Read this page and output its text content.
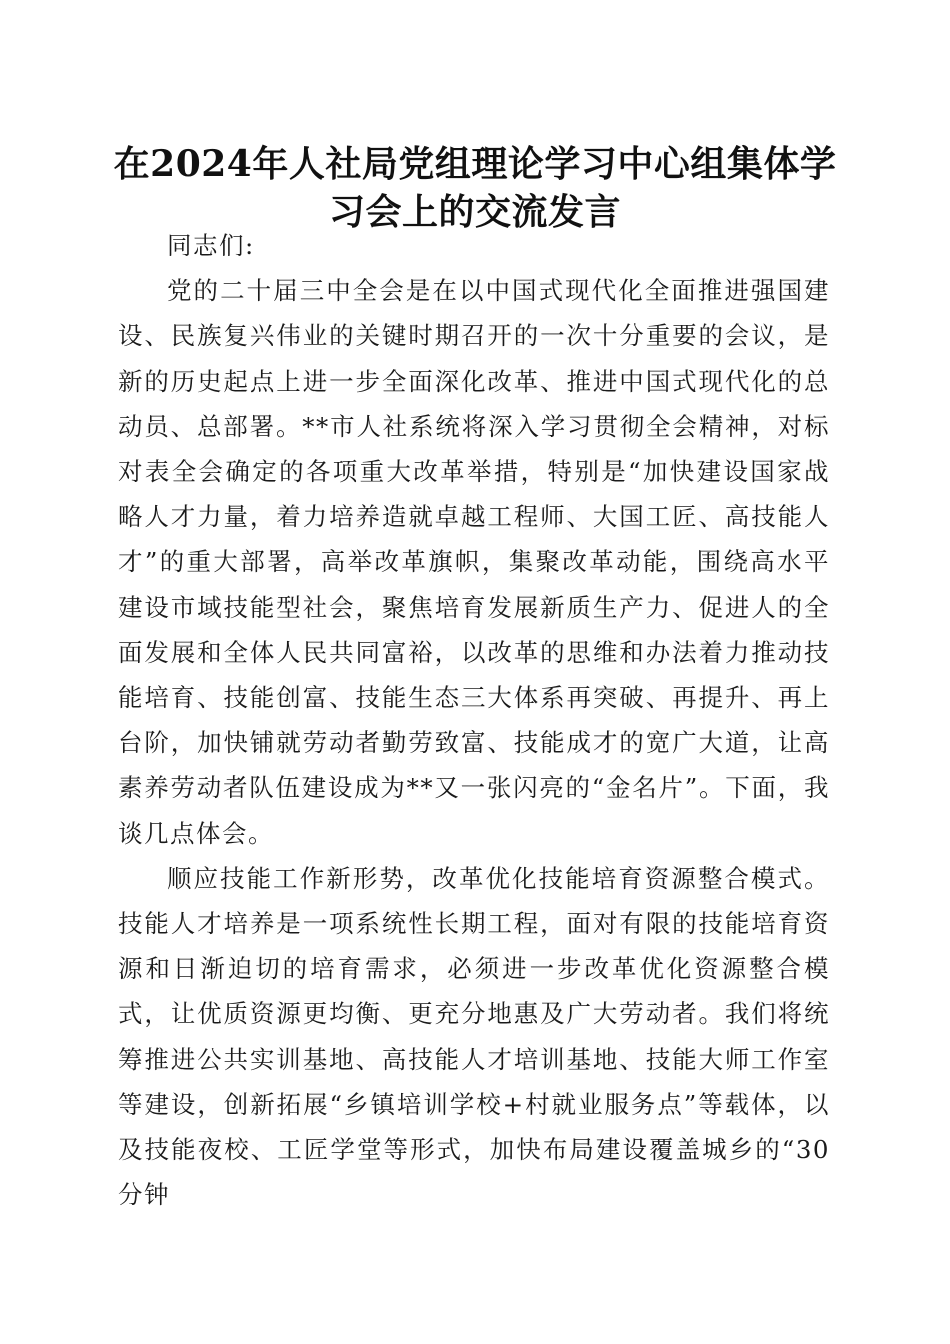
在2024年人社局党组理论学习中心组集体学习会上的交流发言

同志们:

党的二十届三中全会是在以中国式现代化全面推进强国建设、民族复兴伟业的关键时期召开的一次十分重要的会议，是新的历史起点上进一步全面深化改革、推进中国式现代化的总动员、总部署。**市人社系统将深入学习贯彻全会精神，对标对表全会确定的各项重大改革举措，特别是“加快建设国家战略人才力量，着力培养造就卓越工程师、大国工匠、高技能人才”的重大部署，高举改革旗帜，集聚改革动能，围绕高水平建设市域技能型社会，聚焦培育发展新质生产力、促进人的全面发展和全体人民共同富裕，以改革的思维和办法着力推动技能培育、技能创富、技能生态三大体系再突破、再提升、再上台阶，加快铺就劳动者勤劳致富、技能成才的宽广大道，让高素养劳动者队伍建设成为**又一张闪亮的“金名片”。下面，我谈几点体会。

顺应技能工作新形势，改革优化技能培育资源整合模式。技能人才培养是一项系统性长期工程，面对有限的技能培育资源和日渐迫切的培育需求，必须进一步改革优化资源整合模式，让优质资源更均衡、更充分地惠及广大劳动者。我们将统筹推进公共实训基地、高技能人才培训基地、技能大师工作室等建设，创新拓展“乡镇培训学校+村就业服务点”等载体，以及技能夜校、工匠学堂等形式，加快布局建设覆盖城乡的“30分钟
